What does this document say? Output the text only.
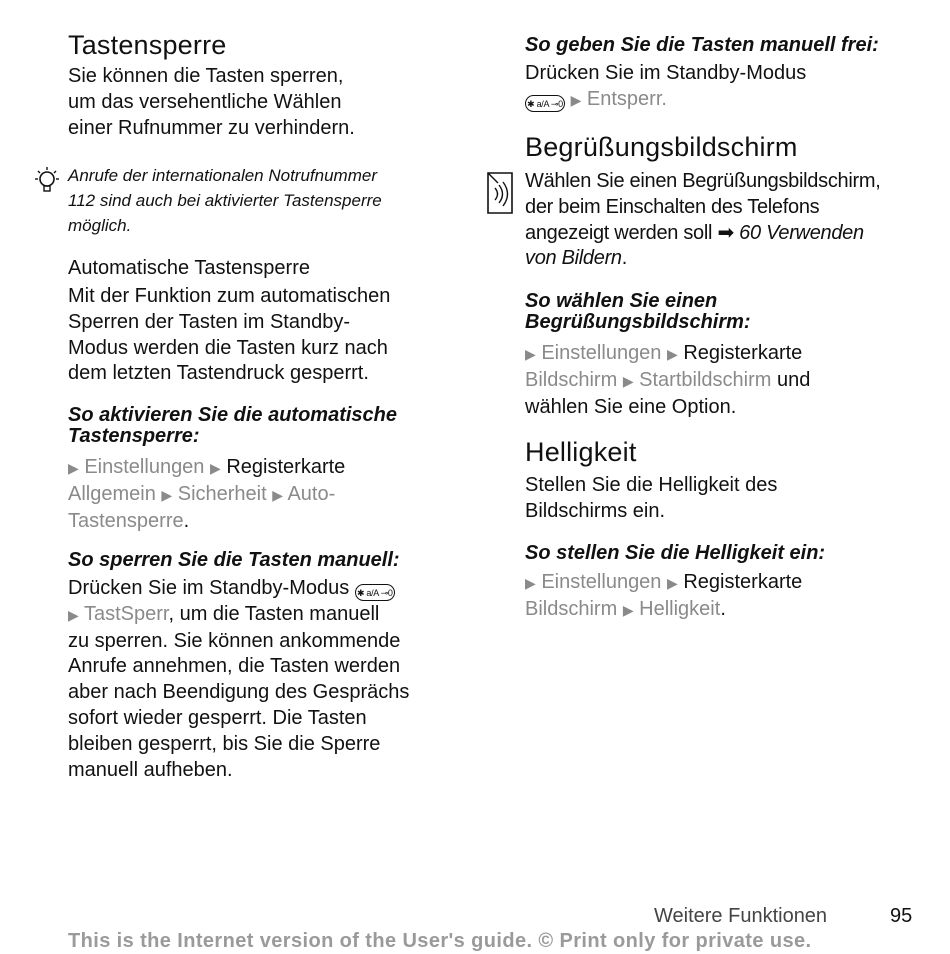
Tastensperre
Sie können die Tasten sperren,
um das versehentliche Wählen
einer Rufnummer zu verhindern.
Anrufe der internationalen Notrufnummer
112 sind auch bei aktivierter Tastensperre
möglich.
Automatische Tastensperre
Mit der Funktion zum automatischen
Sperren der Tasten im Standby-
Modus werden die Tasten kurz nach
dem letzten Tastendruck gesperrt.
So aktivieren Sie die automatische
Tastensperre:
▶ Einstellungen ▶ Registerkarte
Allgemein ▶ Sicherheit ▶ Auto-
Tastensperre.
So sperren Sie die Tasten manuell:
Drücken Sie im Standby-Modus ✱ a/A ⊸0
▶ TastSperr, um die Tasten manuell
zu sperren. Sie können ankommende
Anrufe annehmen, die Tasten werden
aber nach Beendigung des Gesprächs
sofort wieder gesperrt. Die Tasten
bleiben gesperrt, bis Sie die Sperre
manuell aufheben.
So geben Sie die Tasten manuell frei:
Drücken Sie im Standby-Modus
✱ a/A ⊸0 ▶ Entsperr.
Begrüßungsbildschirm
Wählen Sie einen Begrüßungsbildschirm,
der beim Einschalten des Telefons
angezeigt werden soll ➡ 60 Verwenden
von Bildern.
So wählen Sie einen
Begrüßungsbildschirm:
▶ Einstellungen ▶ Registerkarte
Bildschirm ▶ Startbildschirm und
wählen Sie eine Option.
Helligkeit
Stellen Sie die Helligkeit des
Bildschirms ein.
So stellen Sie die Helligkeit ein:
▶ Einstellungen ▶ Registerkarte
Bildschirm ▶ Helligkeit.
Weitere Funktionen	95
This is the Internet version of the User's guide. © Print only for private use.
